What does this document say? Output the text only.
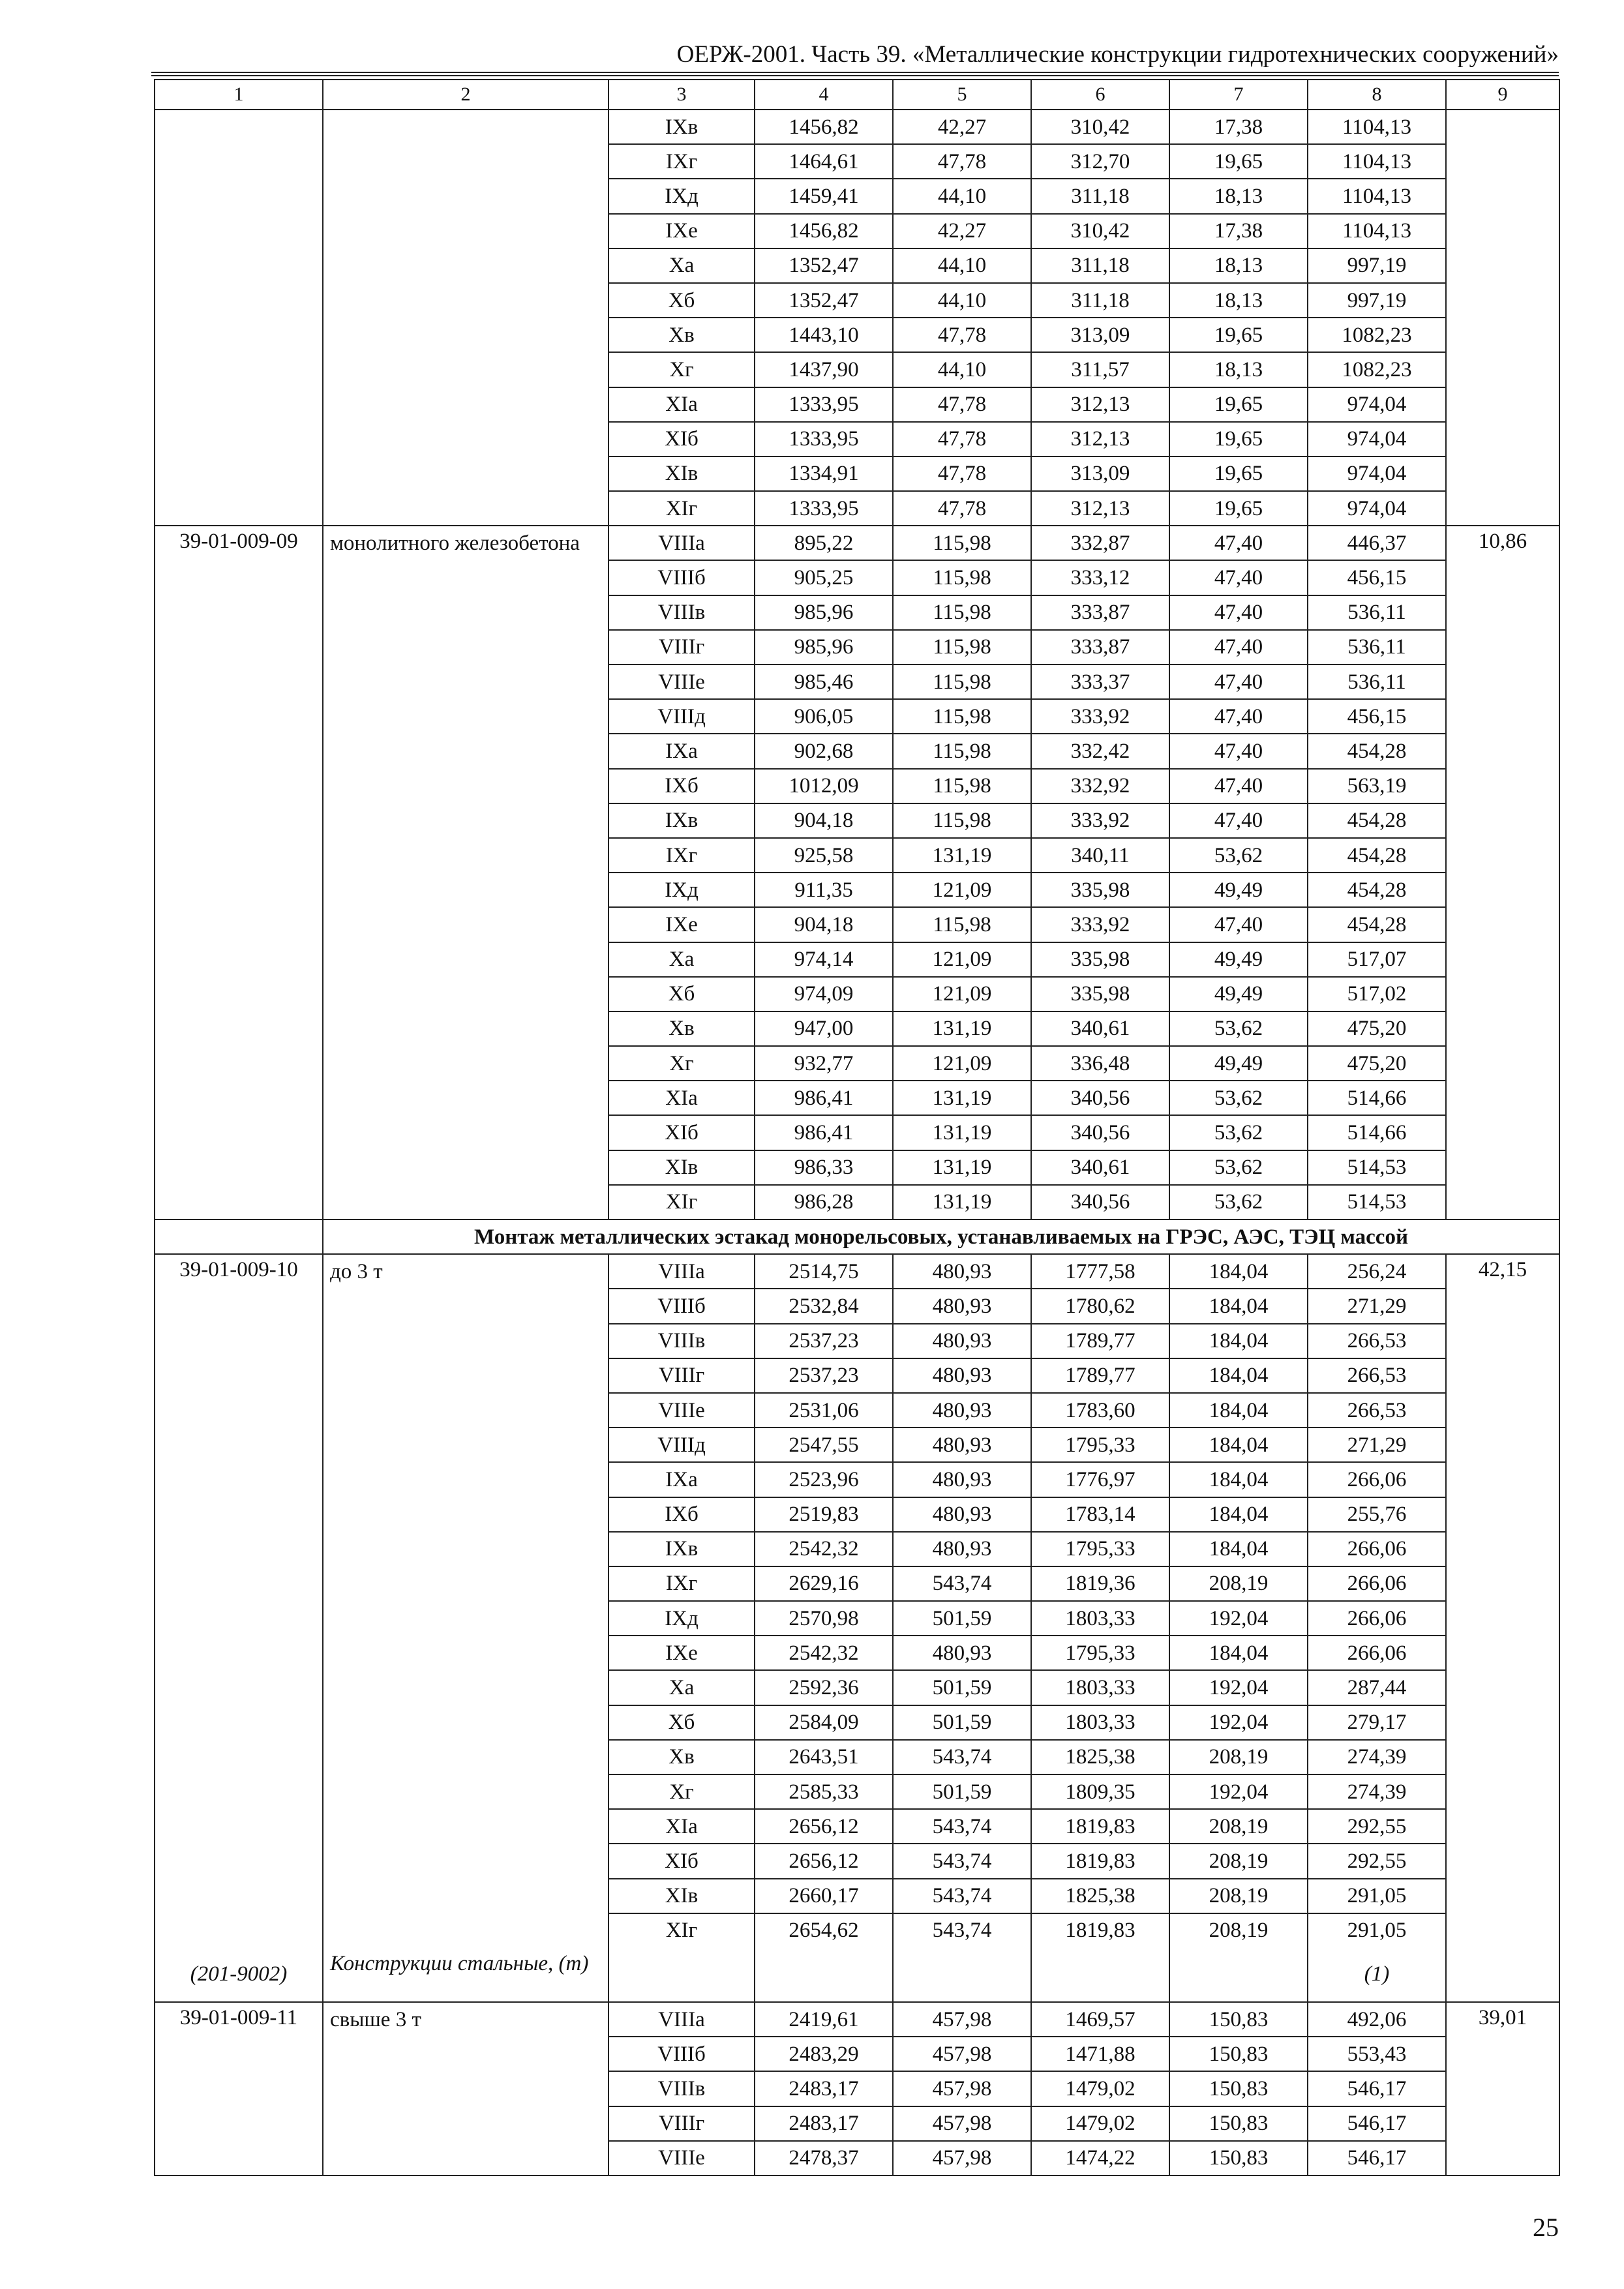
ОЕРЖ-2001. Часть 39. «Металлические конструкции гидротехнических сооружений»
1	2	3	4	5	6	7	8	9
		IXв	1456,82	42,27	310,42	17,38	1104,13	
		IXг	1464,61	47,78	312,70	19,65	1104,13	
		IXд	1459,41	44,10	311,18	18,13	1104,13	
		IXе	1456,82	42,27	310,42	17,38	1104,13	
		Xа	1352,47	44,10	311,18	18,13	997,19	
		Xб	1352,47	44,10	311,18	18,13	997,19	
		Xв	1443,10	47,78	313,09	19,65	1082,23	
		Xг	1437,90	44,10	311,57	18,13	1082,23	
		XIа	1333,95	47,78	312,13	19,65	974,04	
		XIб	1333,95	47,78	312,13	19,65	974,04	
		XIв	1334,91	47,78	313,09	19,65	974,04	
		XIг	1333,95	47,78	312,13	19,65	974,04	
39-01-009-09	монолитного железобетона	VIIIа	895,22	115,98	332,87	47,40	446,37	10,86
		VIIIб	905,25	115,98	333,12	47,40	456,15	
		VIIIв	985,96	115,98	333,87	47,40	536,11	
		VIIIг	985,96	115,98	333,87	47,40	536,11	
		VIIIе	985,46	115,98	333,37	47,40	536,11	
		VIIIд	906,05	115,98	333,92	47,40	456,15	
		IXа	902,68	115,98	332,42	47,40	454,28	
		IXб	1012,09	115,98	332,92	47,40	563,19	
		IXв	904,18	115,98	333,92	47,40	454,28	
		IXг	925,58	131,19	340,11	53,62	454,28	
		IXд	911,35	121,09	335,98	49,49	454,28	
		IXе	904,18	115,98	333,92	47,40	454,28	
		Xа	974,14	121,09	335,98	49,49	517,07	
		Xб	974,09	121,09	335,98	49,49	517,02	
		Xв	947,00	131,19	340,61	53,62	475,20	
		Xг	932,77	121,09	336,48	49,49	475,20	
		XIа	986,41	131,19	340,56	53,62	514,66	
		XIб	986,41	131,19	340,56	53,62	514,66	
		XIв	986,33	131,19	340,61	53,62	514,53	
		XIг	986,28	131,19	340,56	53,62	514,53	
	Монтаж металлических эстакад монорельсовых, устанавливаемых на ГРЭС, АЭС, ТЭЦ массой							
39-01-009-10	до 3 т	VIIIа	2514,75	480,93	1777,58	184,04	256,24	42,15
		VIIIб	2532,84	480,93	1780,62	184,04	271,29	
		VIIIв	2537,23	480,93	1789,77	184,04	266,53	
		VIIIг	2537,23	480,93	1789,77	184,04	266,53	
		VIIIе	2531,06	480,93	1783,60	184,04	266,53	
		VIIIд	2547,55	480,93	1795,33	184,04	271,29	
		IXа	2523,96	480,93	1776,97	184,04	266,06	
		IXб	2519,83	480,93	1783,14	184,04	255,76	
		IXв	2542,32	480,93	1795,33	184,04	266,06	
		IXг	2629,16	543,74	1819,36	208,19	266,06	
		IXд	2570,98	501,59	1803,33	192,04	266,06	
		IXе	2542,32	480,93	1795,33	184,04	266,06	
		Xа	2592,36	501,59	1803,33	192,04	287,44	
		Xб	2584,09	501,59	1803,33	192,04	279,17	
		Xв	2643,51	543,74	1825,38	208,19	274,39	
		Xг	2585,33	501,59	1809,35	192,04	274,39	
		XIа	2656,12	543,74	1819,83	208,19	292,55	
		XIб	2656,12	543,74	1819,83	208,19	292,55	
		XIв	2660,17	543,74	1825,38	208,19	291,05	
		XIг	2654,62	543,74	1819,83	208,19	291,05	
(201-9002)	Конструкции стальные, (т)						(1)	
39-01-009-11	свыше 3 т	VIIIа	2419,61	457,98	1469,57	150,83	492,06	39,01
		VIIIб	2483,29	457,98	1471,88	150,83	553,43	
		VIIIв	2483,17	457,98	1479,02	150,83	546,17	
		VIIIг	2483,17	457,98	1479,02	150,83	546,17	
		VIIIе	2478,37	457,98	1474,22	150,83	546,17	
25
